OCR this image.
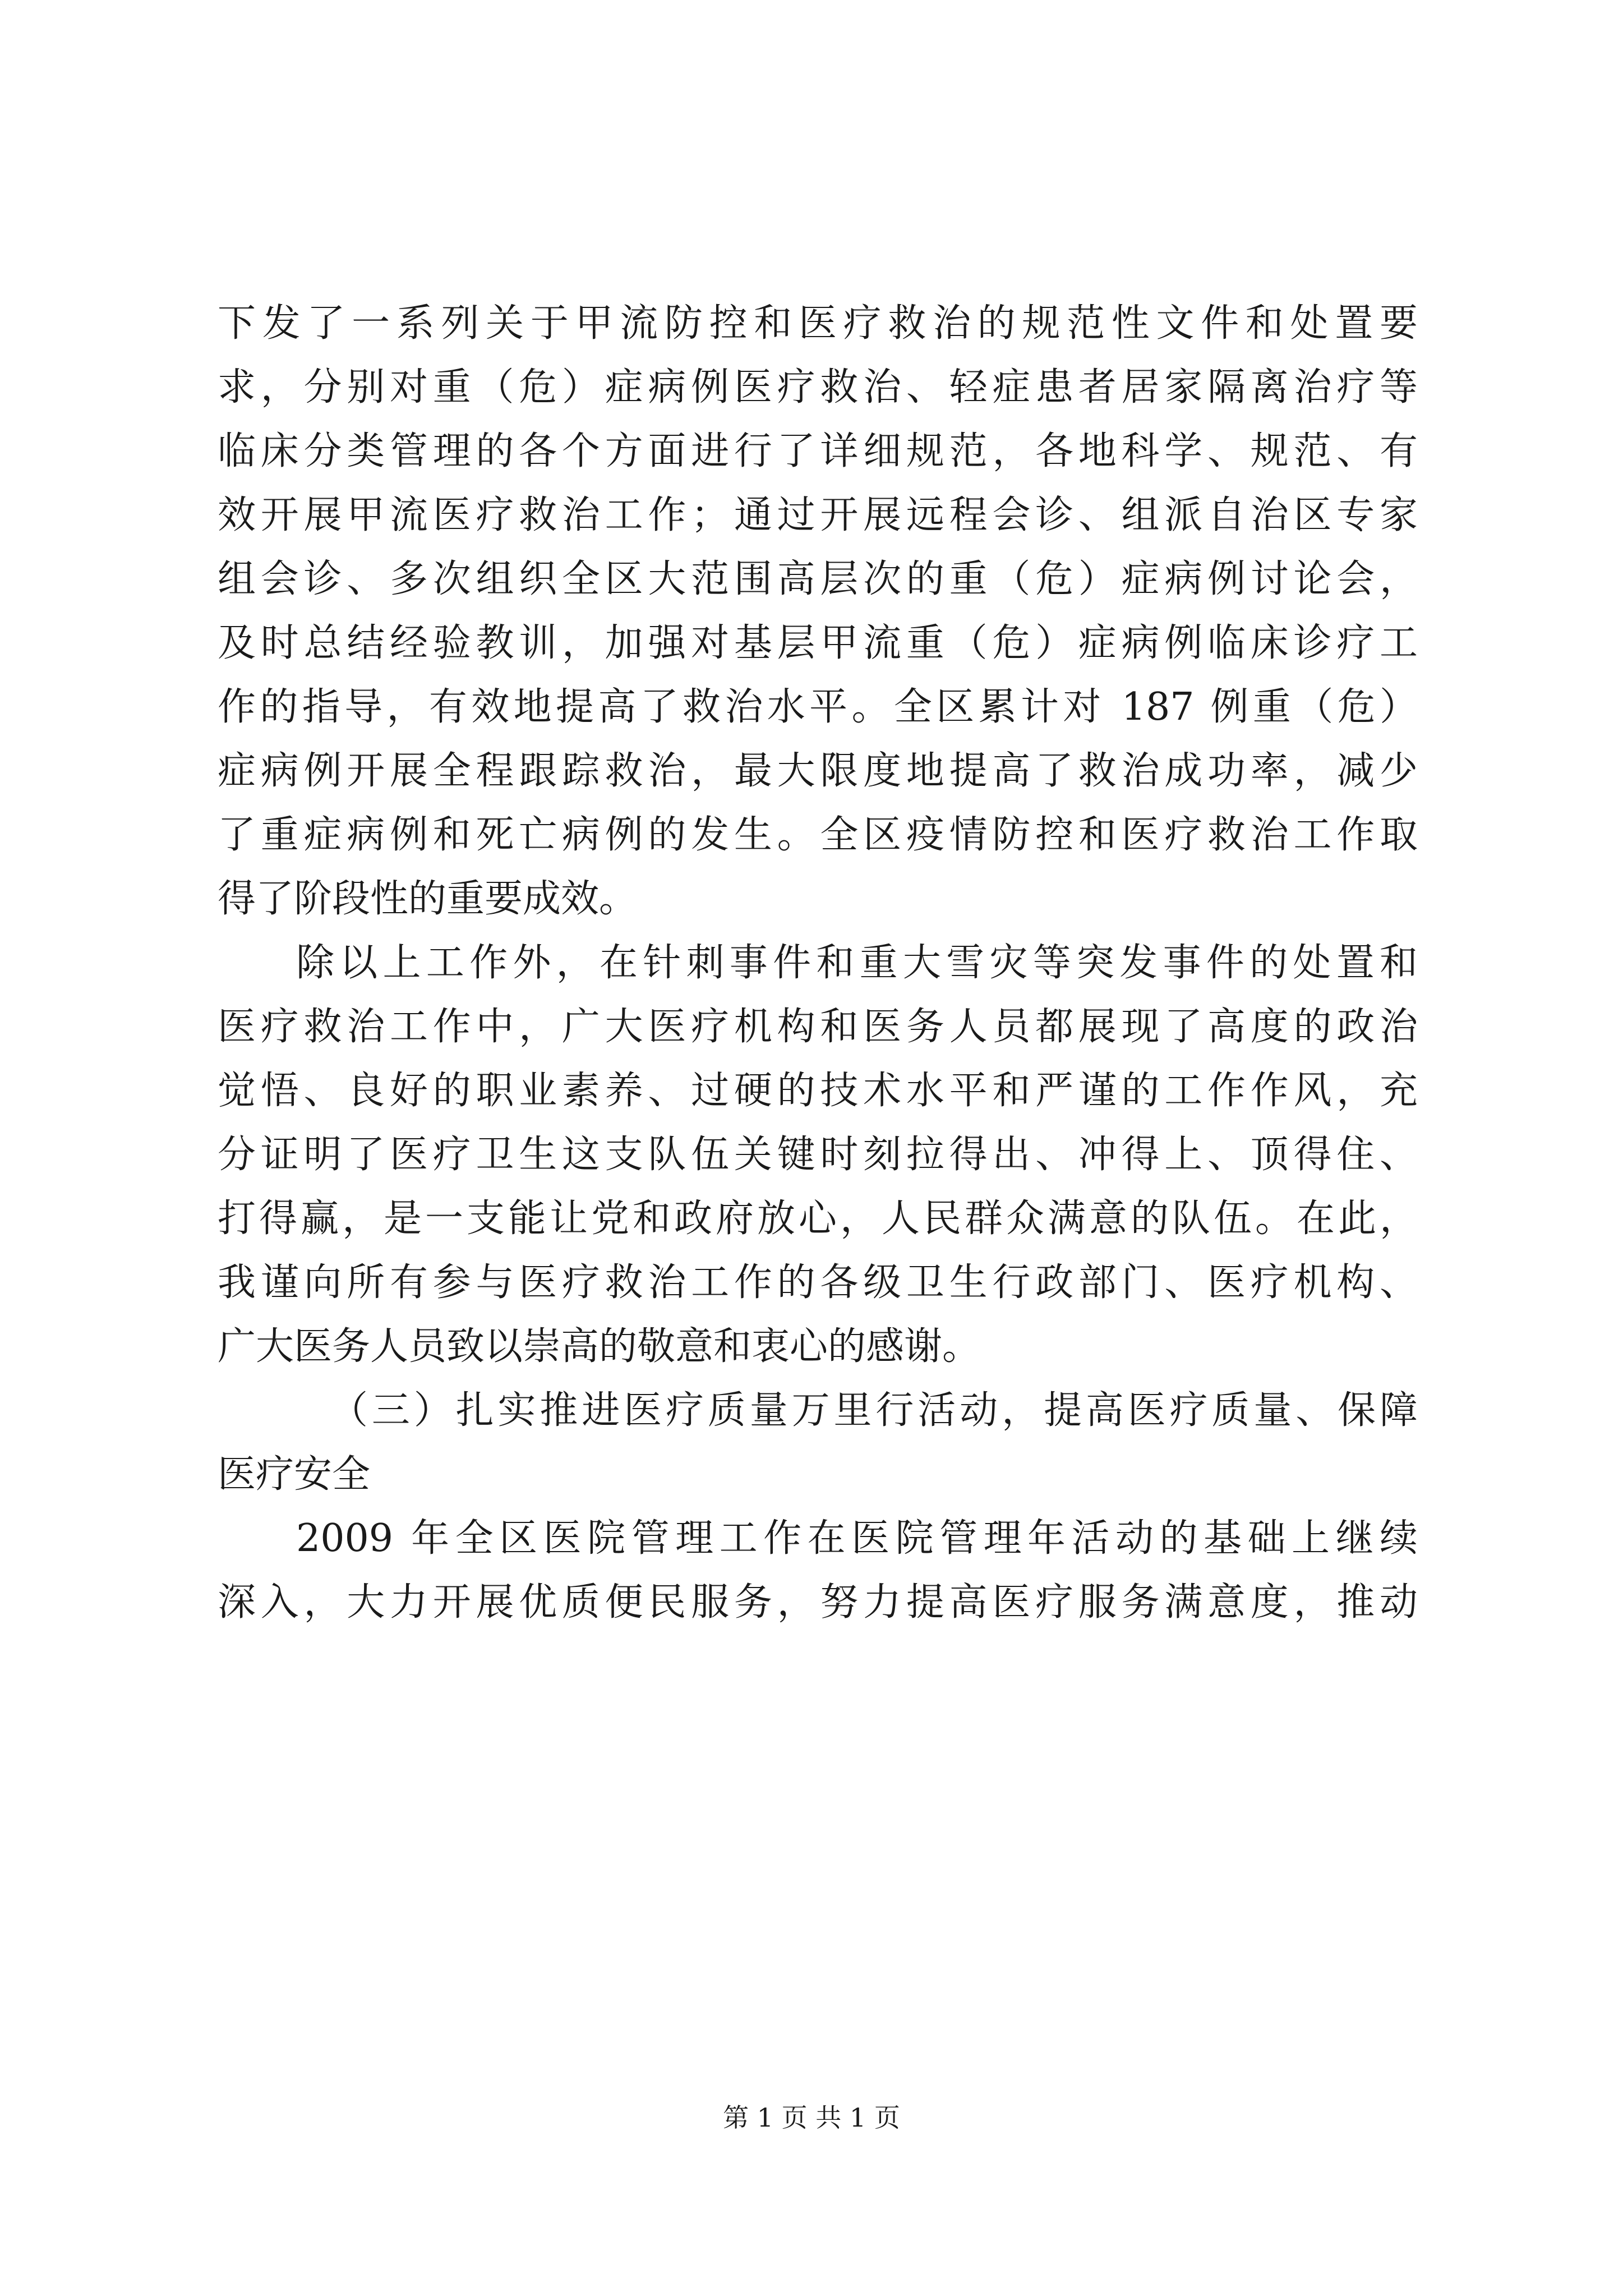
下发了一系列关于甲流防控和医疗救治的规范性文件和处置要
求，分别对重（危）症病例医疗救治、轻症患者居家隔离治疗等
临床分类管理的各个方面进行了详细规范，各地科学、规范、有
效开展甲流医疗救治工作；通过开展远程会诊、组派自治区专家
组会诊、多次组织全区大范围高层次的重（危）症病例讨论会，
及时总结经验教训，加强对基层甲流重（危）症病例临床诊疗工
作的指导，有效地提高了救治水平。全区累计对 187 例重（危）
症病例开展全程跟踪救治，最大限度地提高了救治成功率，减少
了重症病例和死亡病例的发生。全区疫情防控和医疗救治工作取
得了阶段性的重要成效。
除以上工作外，在针刺事件和重大雪灾等突发事件的处置和
医疗救治工作中，广大医疗机构和医务人员都展现了高度的政治
觉悟、良好的职业素养、过硬的技术水平和严谨的工作作风，充
分证明了医疗卫生这支队伍关键时刻拉得出、冲得上、顶得住、
打得赢，是一支能让党和政府放心，人民群众满意的队伍。在此，
我谨向所有参与医疗救治工作的各级卫生行政部门、医疗机构、
广大医务人员致以崇高的敬意和衷心的感谢。
（三）扎实推进医疗质量万里行活动，提高医疗质量、保障
医疗安全
2009 年全区医院管理工作在医院管理年活动的基础上继续
深入，大力开展优质便民服务，努力提高医疗服务满意度，推动
第 1 页 共 1 页
